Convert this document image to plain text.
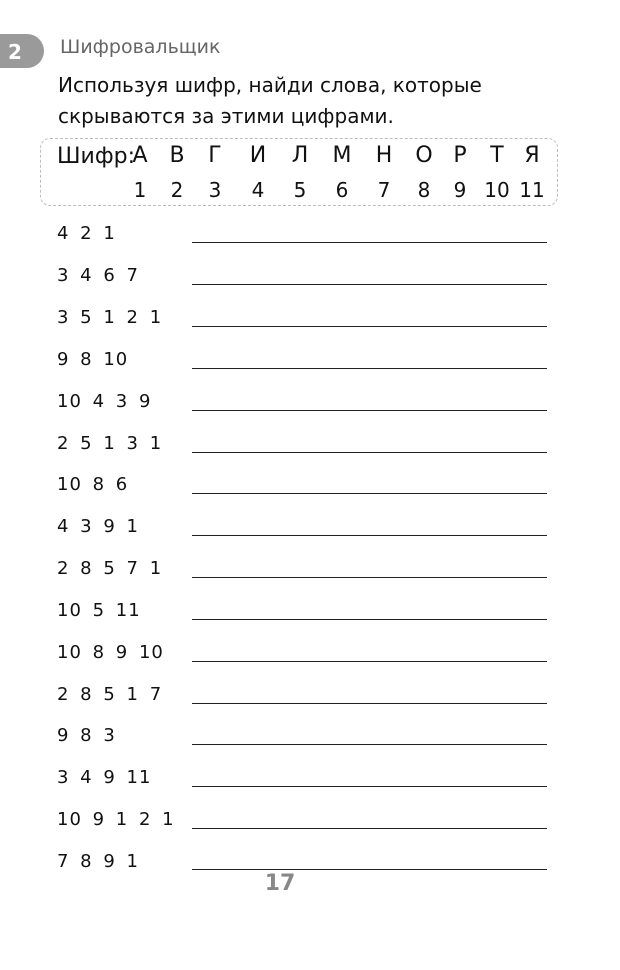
2 Шифровальщик
Используя шифр, найди слова, которые скрываются за этими цифрами.
Шифр:
А В	Г	И	Л	М	Н	О Р	Т Я
1	2	3	4	5	6	7	8	9 10 11
4 2 1
3 4 6 7
3 5 1 2 1
9 8 10
10 4 3 9
2 5 1 3 1
10 8 6
4 3 9 1
2 8 5 7 1
10 5 11
10 8 9 10
2 8 5 1 7
9 8 3
3 4 9 11
10 9 1 2 1
7 8 9 1
17
